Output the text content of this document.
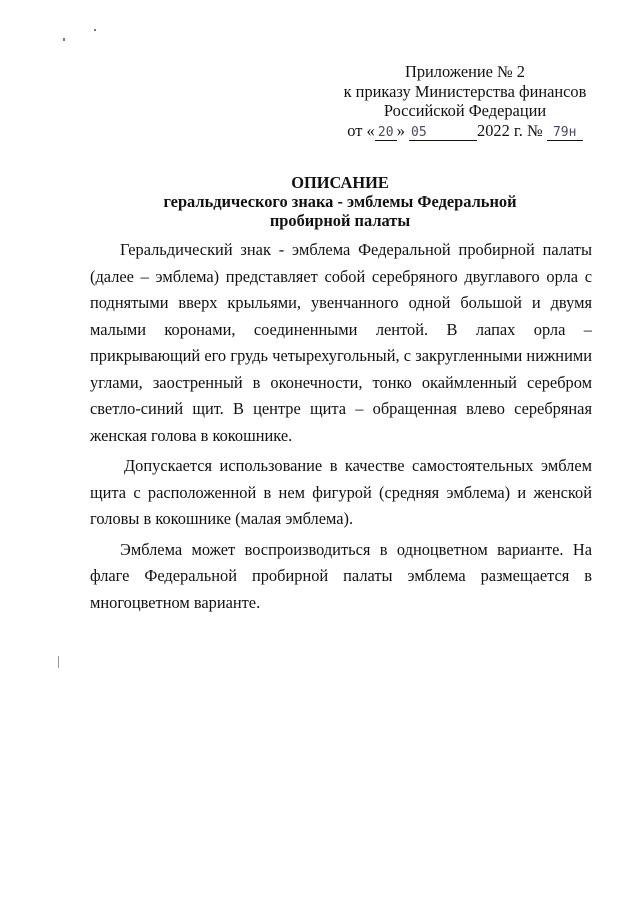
Приложение № 2
к приказу Министерства финансов
Российской Федерации
от « 20 » 05	2022 г. № 79н
ОПИСАНИЕ
геральдического знака - эмблемы Федеральной
пробирной палаты

Геральдический знак - эмблема Федеральной пробирной палаты (далее – эмблема) представляет собой серебряного двуглавого орла с поднятыми вверх крыльями, увенчанного одной большой и двумя малыми коронами, соединенными лентой. В лапах орла – прикрывающий его грудь четырехугольный, с закругленными нижними углами, заостренный в оконечности, тонко окаймленный серебром светло-синий щит. В центре щита – обращенная влево серебряная женская голова в кокошнике.

Допускается использование в качестве самостоятельных эмблем щита с расположенной в нем фигурой (средняя эмблема) и женской головы в кокошнике (малая эмблема).

Эмблема может воспроизводиться в одноцветном варианте. На флаге Федеральной пробирной палаты эмблема размещается в многоцветном варианте.
